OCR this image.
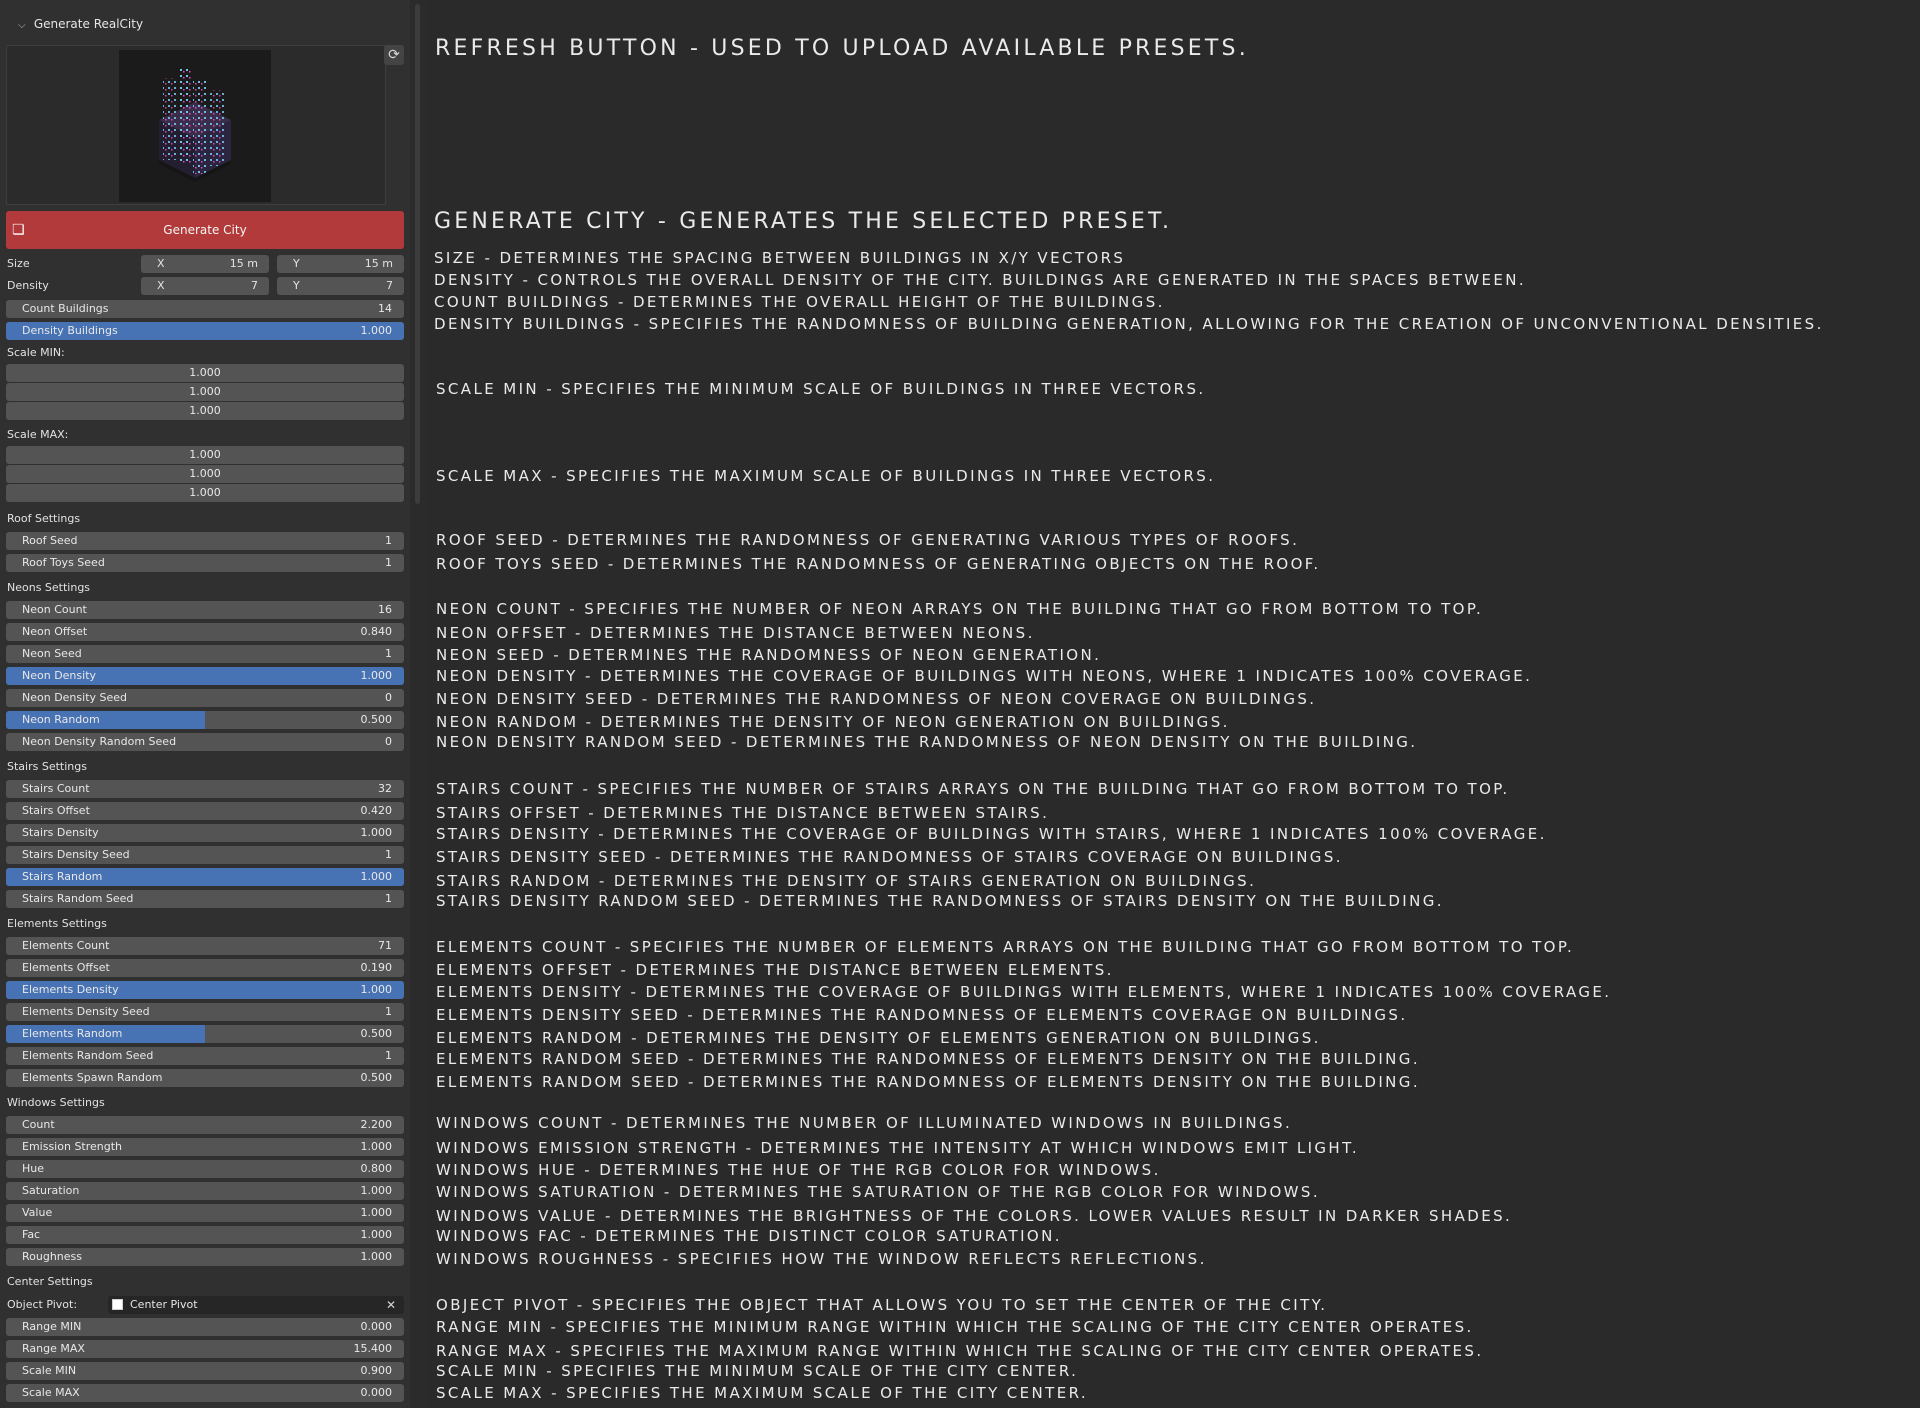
⌵ Generate RealCity
⟳
❏	Generate City
Size	X	15 m	Y	15 m
Density	X	7	Y	7
Count Buildings	14
Density Buildings	1.000
Scale MIN:
1.000
1.000
1.000
Scale MAX:
1.000
1.000
1.000
Roof Settings
Roof Seed	1
Roof Toys Seed	1
Neons Settings
Neon Count	16
Neon Offset	0.840
Neon Seed	1
Neon Density	1.000
Neon Density Seed	0
Neon Random	0.500
Neon Density Random Seed	0
Stairs Settings
Stairs Count	32
Stairs Offset	0.420
Stairs Density	1.000
Stairs Density Seed	1
Stairs Random	1.000
Stairs Random Seed	1
Elements Settings
Elements Count	71
Elements Offset	0.190
Elements Density	1.000
Elements Density Seed	1
Elements Random	0.500
Elements Random Seed	1
Elements Spawn Random	0.500
Windows Settings
Count	2.200
Emission Strength	1.000
Hue	0.800
Saturation	1.000
Value	1.000
Fac	1.000
Roughness	1.000
Center Settings
Object Pivot:	Center Pivot	✕
Range MIN	0.000
Range MAX	15.400
Scale MIN	0.900
Scale MAX	0.000
REFRESH BUTTON - USED TO UPLOAD AVAILABLE PRESETS.
GENERATE CITY - GENERATES THE SELECTED PRESET.
SIZE - DETERMINES THE SPACING BETWEEN BUILDINGS IN X/Y VECTORS
DENSITY - CONTROLS THE OVERALL DENSITY OF THE CITY. BUILDINGS ARE GENERATED IN THE SPACES BETWEEN.
COUNT BUILDINGS - DETERMINES THE OVERALL HEIGHT OF THE BUILDINGS.
DENSITY BUILDINGS - SPECIFIES THE RANDOMNESS OF BUILDING GENERATION, ALLOWING FOR THE CREATION OF UNCONVENTIONAL DENSITIES.
SCALE MIN - SPECIFIES THE MINIMUM SCALE OF BUILDINGS IN THREE VECTORS.
SCALE MAX - SPECIFIES THE MAXIMUM SCALE OF BUILDINGS IN THREE VECTORS.
ROOF SEED - DETERMINES THE RANDOMNESS OF GENERATING VARIOUS TYPES OF ROOFS.
ROOF TOYS SEED - DETERMINES THE RANDOMNESS OF GENERATING OBJECTS ON THE ROOF.
NEON COUNT - SPECIFIES THE NUMBER OF NEON ARRAYS ON THE BUILDING THAT GO FROM BOTTOM TO TOP.
NEON OFFSET - DETERMINES THE DISTANCE BETWEEN NEONS.
NEON SEED - DETERMINES THE RANDOMNESS OF NEON GENERATION.
NEON DENSITY - DETERMINES THE COVERAGE OF BUILDINGS WITH NEONS, WHERE 1 INDICATES 100% COVERAGE.
NEON DENSITY SEED - DETERMINES THE RANDOMNESS OF NEON COVERAGE ON BUILDINGS.
NEON RANDOM - DETERMINES THE DENSITY OF NEON GENERATION ON BUILDINGS.
NEON DENSITY RANDOM SEED - DETERMINES THE RANDOMNESS OF NEON DENSITY ON THE BUILDING.
STAIRS COUNT - SPECIFIES THE NUMBER OF STAIRS ARRAYS ON THE BUILDING THAT GO FROM BOTTOM TO TOP.
STAIRS OFFSET - DETERMINES THE DISTANCE BETWEEN STAIRS.
STAIRS DENSITY - DETERMINES THE COVERAGE OF BUILDINGS WITH STAIRS, WHERE 1 INDICATES 100% COVERAGE.
STAIRS DENSITY SEED - DETERMINES THE RANDOMNESS OF STAIRS COVERAGE ON BUILDINGS.
STAIRS RANDOM - DETERMINES THE DENSITY OF STAIRS GENERATION ON BUILDINGS.
STAIRS DENSITY RANDOM SEED - DETERMINES THE RANDOMNESS OF STAIRS DENSITY ON THE BUILDING.
ELEMENTS COUNT - SPECIFIES THE NUMBER OF ELEMENTS ARRAYS ON THE BUILDING THAT GO FROM BOTTOM TO TOP.
ELEMENTS OFFSET - DETERMINES THE DISTANCE BETWEEN ELEMENTS.
ELEMENTS DENSITY - DETERMINES THE COVERAGE OF BUILDINGS WITH ELEMENTS, WHERE 1 INDICATES 100% COVERAGE.
ELEMENTS DENSITY SEED - DETERMINES THE RANDOMNESS OF ELEMENTS COVERAGE ON BUILDINGS.
ELEMENTS RANDOM - DETERMINES THE DENSITY OF ELEMENTS GENERATION ON BUILDINGS.
ELEMENTS RANDOM SEED - DETERMINES THE RANDOMNESS OF ELEMENTS DENSITY ON THE BUILDING.
ELEMENTS RANDOM SEED - DETERMINES THE RANDOMNESS OF ELEMENTS DENSITY ON THE BUILDING.
WINDOWS COUNT - DETERMINES THE NUMBER OF ILLUMINATED WINDOWS IN BUILDINGS.
WINDOWS EMISSION STRENGTH - DETERMINES THE INTENSITY AT WHICH WINDOWS EMIT LIGHT.
WINDOWS HUE - DETERMINES THE HUE OF THE RGB COLOR FOR WINDOWS.
WINDOWS SATURATION - DETERMINES THE SATURATION OF THE RGB COLOR FOR WINDOWS.
WINDOWS VALUE - DETERMINES THE BRIGHTNESS OF THE COLORS. LOWER VALUES RESULT IN DARKER SHADES.
WINDOWS FAC - DETERMINES THE DISTINCT COLOR SATURATION.
WINDOWS ROUGHNESS - SPECIFIES HOW THE WINDOW REFLECTS REFLECTIONS.
OBJECT PIVOT - SPECIFIES THE OBJECT THAT ALLOWS YOU TO SET THE CENTER OF THE CITY.
RANGE MIN - SPECIFIES THE MINIMUM RANGE WITHIN WHICH THE SCALING OF THE CITY CENTER OPERATES.
RANGE MAX - SPECIFIES THE MAXIMUM RANGE WITHIN WHICH THE SCALING OF THE CITY CENTER OPERATES.
SCALE MIN - SPECIFIES THE MINIMUM SCALE OF THE CITY CENTER.
SCALE MAX - SPECIFIES THE MAXIMUM SCALE OF THE CITY CENTER.
